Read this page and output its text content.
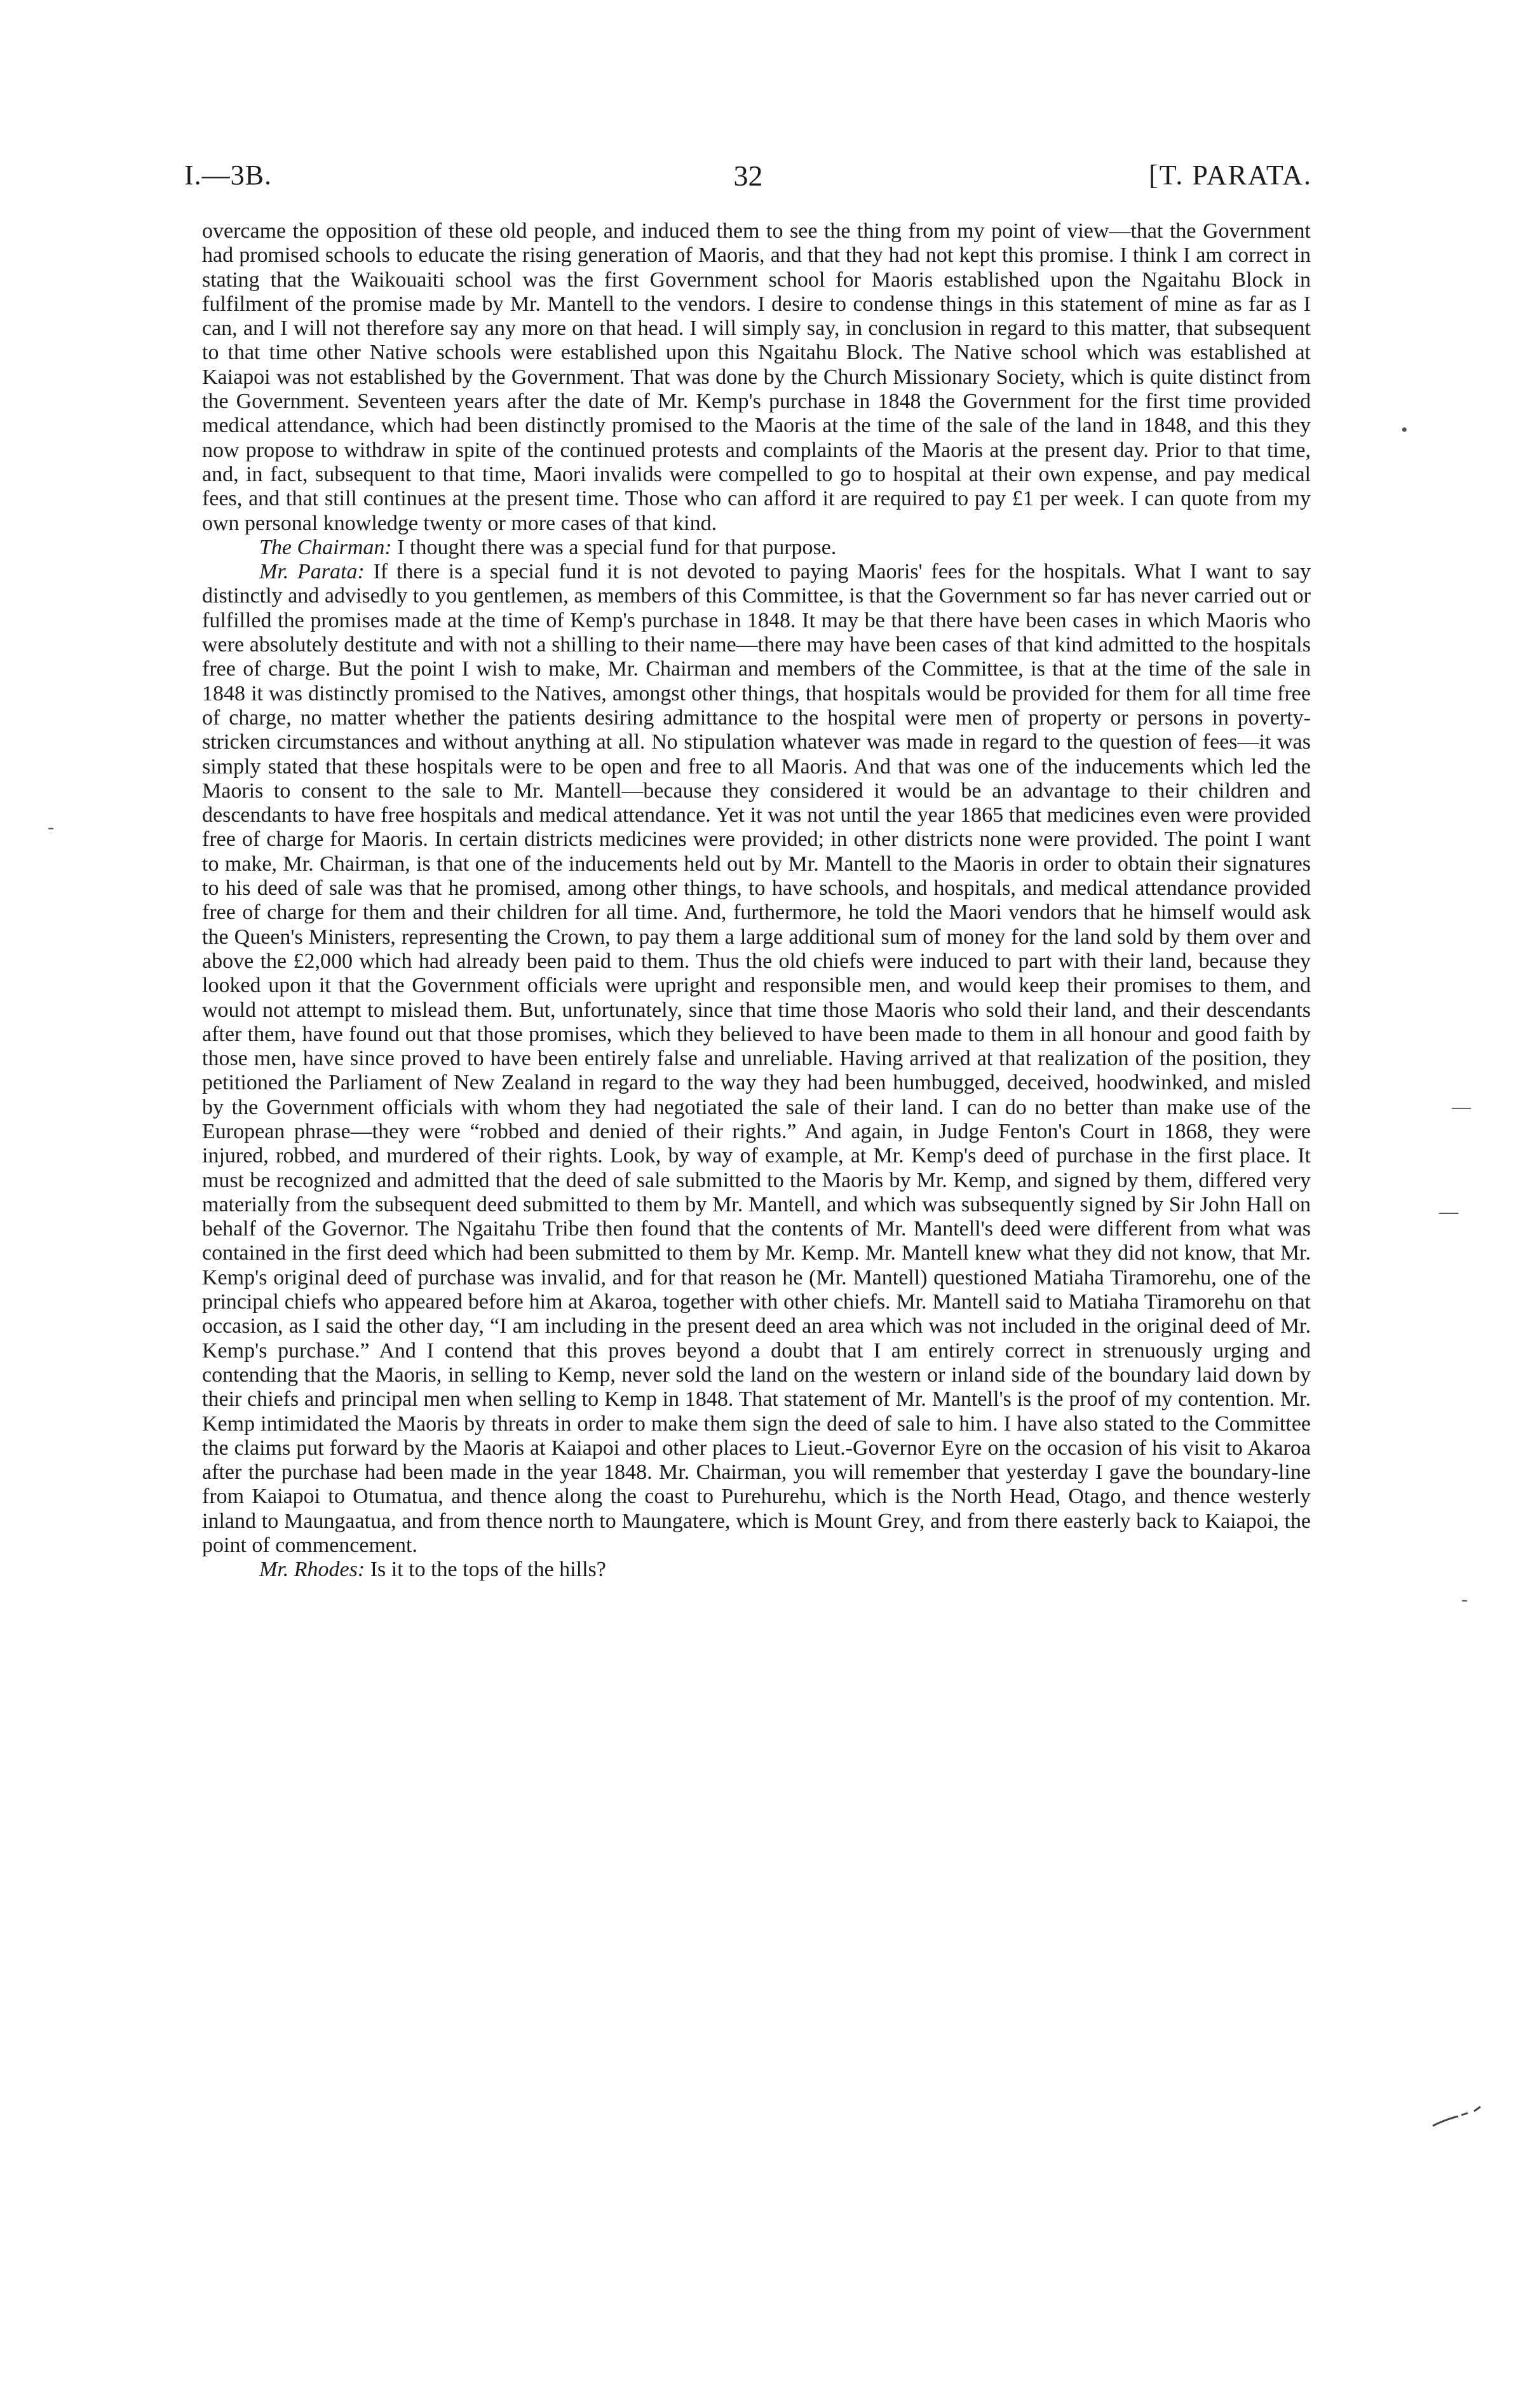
I.—3B.	32	[T. PARATA.

overcame the opposition of these old people, and induced them to see the thing from my point of view—that the Government had promised schools to educate the rising generation of Maoris, and that they had not kept this promise. I think I am correct in stating that the Waikouaiti school was the first Government school for Maoris established upon the Ngaitahu Block in fulfilment of the promise made by Mr. Mantell to the vendors. I desire to condense things in this statement of mine as far as I can, and I will not therefore say any more on that head. I will simply say, in conclusion in regard to this matter, that subsequent to that time other Native schools were established upon this Ngaitahu Block. The Native school which was established at Kaiapoi was not established by the Government. That was done by the Church Missionary Society, which is quite distinct from the Government. Seventeen years after the date of Mr. Kemp's purchase in 1848 the Government for the first time provided medical attendance, which had been distinctly promised to the Maoris at the time of the sale of the land in 1848, and this they now propose to withdraw in spite of the continued protests and complaints of the Maoris at the present day. Prior to that time, and, in fact, subsequent to that time, Maori invalids were compelled to go to hospital at their own expense, and pay medical fees, and that still continues at the present time. Those who can afford it are required to pay £1 per week. I can quote from my own personal knowledge twenty or more cases of that kind.

The Chairman: I thought there was a special fund for that purpose.

Mr. Parata: If there is a special fund it is not devoted to paying Maoris' fees for the hospitals. What I want to say distinctly and advisedly to you gentlemen, as members of this Committee, is that the Government so far has never carried out or fulfilled the promises made at the time of Kemp's purchase in 1848. It may be that there have been cases in which Maoris who were absolutely destitute and with not a shilling to their name—there may have been cases of that kind admitted to the hospitals free of charge. But the point I wish to make, Mr. Chairman and members of the Committee, is that at the time of the sale in 1848 it was distinctly promised to the Natives, amongst other things, that hospitals would be provided for them for all time free of charge, no matter whether the patients desiring admittance to the hospital were men of property or persons in poverty-stricken circumstances and without anything at all. No stipulation whatever was made in regard to the question of fees—it was simply stated that these hospitals were to be open and free to all Maoris. And that was one of the inducements which led the Maoris to consent to the sale to Mr. Mantell—because they considered it would be an advantage to their children and descendants to have free hospitals and medical attendance. Yet it was not until the year 1865 that medicines even were provided free of charge for Maoris. In certain districts medicines were provided; in other districts none were provided. The point I want to make, Mr. Chairman, is that one of the inducements held out by Mr. Mantell to the Maoris in order to obtain their signatures to his deed of sale was that he promised, among other things, to have schools, and hospitals, and medical attendance provided free of charge for them and their children for all time. And, furthermore, he told the Maori vendors that he himself would ask the Queen's Ministers, representing the Crown, to pay them a large additional sum of money for the land sold by them over and above the £2,000 which had already been paid to them. Thus the old chiefs were induced to part with their land, because they looked upon it that the Government officials were upright and responsible men, and would keep their promises to them, and would not attempt to mislead them. But, unfortunately, since that time those Maoris who sold their land, and their descendants after them, have found out that those promises, which they believed to have been made to them in all honour and good faith by those men, have since proved to have been entirely false and unreliable. Having arrived at that realization of the position, they petitioned the Parliament of New Zealand in regard to the way they had been humbugged, deceived, hoodwinked, and misled by the Government officials with whom they had negotiated the sale of their land. I can do no better than make use of the European phrase—they were “robbed and denied of their rights.” And again, in Judge Fenton's Court in 1868, they were injured, robbed, and murdered of their rights. Look, by way of example, at Mr. Kemp's deed of purchase in the first place. It must be recognized and admitted that the deed of sale submitted to the Maoris by Mr. Kemp, and signed by them, differed very materially from the subsequent deed submitted to them by Mr. Mantell, and which was subsequently signed by Sir John Hall on behalf of the Governor. The Ngaitahu Tribe then found that the contents of Mr. Mantell's deed were different from what was contained in the first deed which had been submitted to them by Mr. Kemp. Mr. Mantell knew what they did not know, that Mr. Kemp's original deed of purchase was invalid, and for that reason he (Mr. Mantell) questioned Matiaha Tiramorehu, one of the principal chiefs who appeared before him at Akaroa, together with other chiefs. Mr. Mantell said to Matiaha Tiramorehu on that occasion, as I said the other day, “I am including in the present deed an area which was not included in the original deed of Mr. Kemp's purchase.” And I contend that this proves beyond a doubt that I am entirely correct in strenuously urging and contending that the Maoris, in selling to Kemp, never sold the land on the western or inland side of the boundary laid down by their chiefs and principal men when selling to Kemp in 1848. That statement of Mr. Mantell's is the proof of my contention. Mr. Kemp intimidated the Maoris by threats in order to make them sign the deed of sale to him. I have also stated to the Committee the claims put forward by the Maoris at Kaiapoi and other places to Lieut.-Governor Eyre on the occasion of his visit to Akaroa after the purchase had been made in the year 1848. Mr. Chairman, you will remember that yesterday I gave the boundary-line from Kaiapoi to Otumatua, and thence along the coast to Purehurehu, which is the North Head, Otago, and thence westerly inland to Maungaatua, and from thence north to Maungatere, which is Mount Grey, and from there easterly back to Kaiapoi, the point of commencement.

Mr. Rhodes: Is it to the tops of the hills?

•
-
—
—
-
